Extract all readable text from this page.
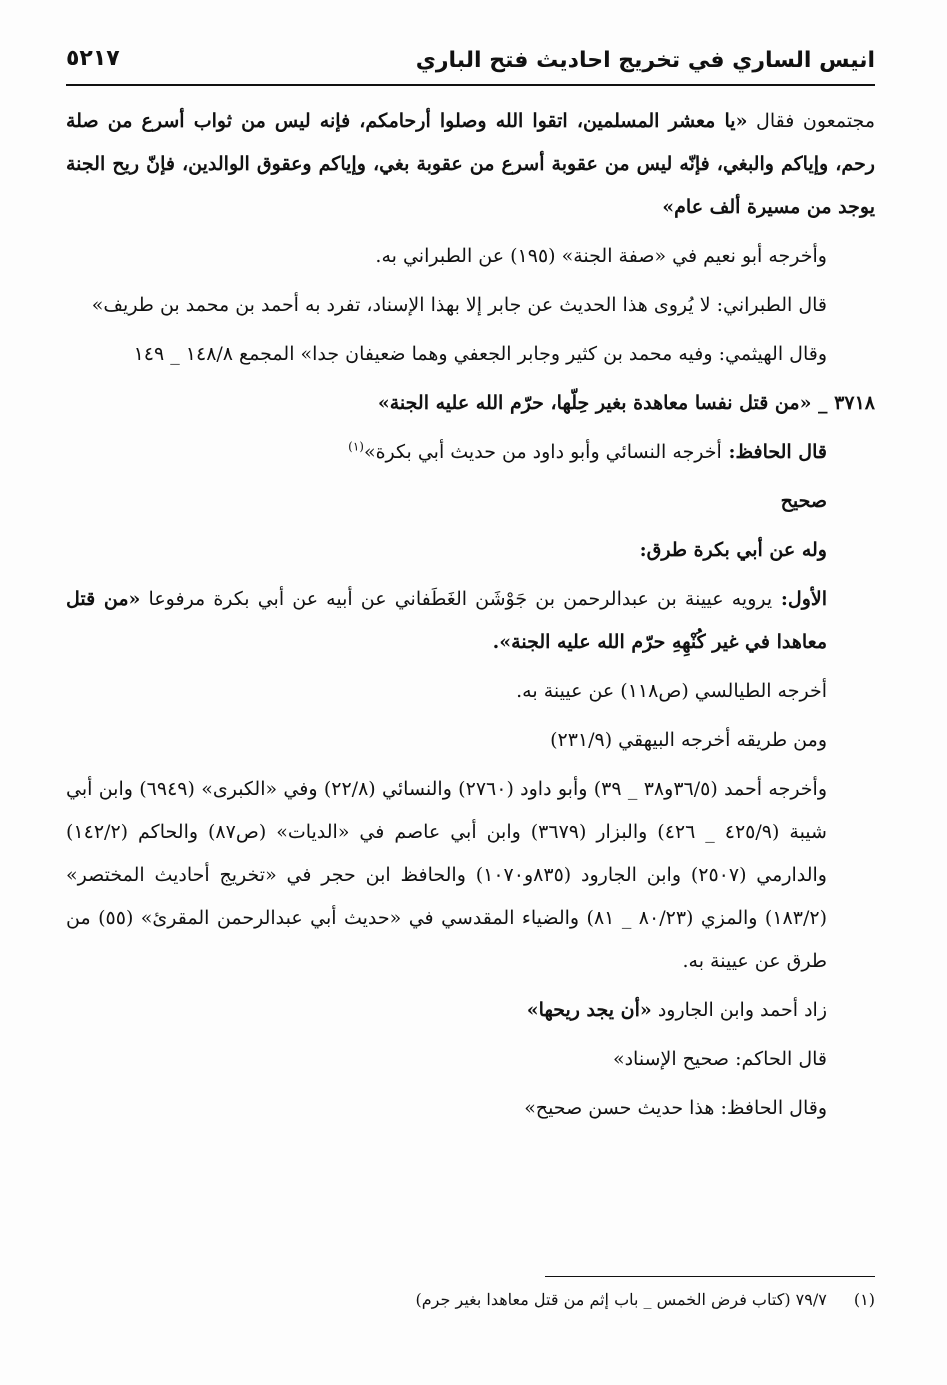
انيس الساري في تخريج احاديث فتح الباري
٥٢١٧
مجتمعون فقال «يا معشر المسلمين، اتقوا الله وصلوا أرحامكم، فإنه ليس من ثواب أسرع من صلة رحم، وإياكم والبغي، فإنّه ليس من عقوبة أسرع من عقوبة بغي، وإياكم وعقوق الوالدين، فإنّ ريح الجنة يوجد من مسيرة ألف عام»
وأخرجه أبو نعيم في «صفة الجنة» (١٩٥) عن الطبراني به.
قال الطبراني: لا يُروى هذا الحديث عن جابر إلا بهذا الإسناد، تفرد به أحمد بن محمد بن طريف»
وقال الهيثمي: وفيه محمد بن كثير وجابر الجعفي وهما ضعيفان جدا» المجمع ١٤٨/٨ _ ١٤٩
٣٧١٨ _ «من قتل نفسا معاهدة بغير حِلّها، حرّم الله عليه الجنة»
قال الحافظ: أخرجه النسائي وأبو داود من حديث أبي بكرة»$^{(١)}$
صحيح
وله عن أبي بكرة طرق:
الأول: يرويه عيينة بن عبدالرحمن بن جَوْشَن الغَطَفاني عن أبيه عن أبي بكرة مرفوعا «من قتل معاهدا في غير كُنْهِهِ حرّم الله عليه الجنة».
أخرجه الطيالسي (ص١١٨) عن عيينة به.
ومن طريقه أخرجه البيهقي (٢٣١/٩)
وأخرجه أحمد (٣٦/٥و٣٨ _ ٣٩) وأبو داود (٢٧٦٠) والنسائي (٢٢/٨) وفي «الكبرى» (٦٩٤٩) وابن أبي شيبة (٤٢٥/٩ _ ٤٢٦) والبزار (٣٦٧٩) وابن أبي عاصم في «الديات» (ص٨٧) والحاكم (١٤٢/٢) والدارمي (٢٥٠٧) وابن الجارود (٨٣٥و١٠٧٠) والحافظ ابن حجر في «تخريج أحاديث المختصر» (١٨٣/٢) والمزي (٨٠/٢٣ _ ٨١) والضياء المقدسي في «حديث أبي عبدالرحمن المقرئ» (٥٥) من طرق عن عيينة به.
زاد أحمد وابن الجارود «أن يجد ريحها»
قال الحاكم: صحيح الإسناد»
وقال الحافظ: هذا حديث حسن صحيح»
(١) ٧٩/٧ (كتاب فرض الخمس _ باب إثم من قتل معاهدا بغير جرم)
